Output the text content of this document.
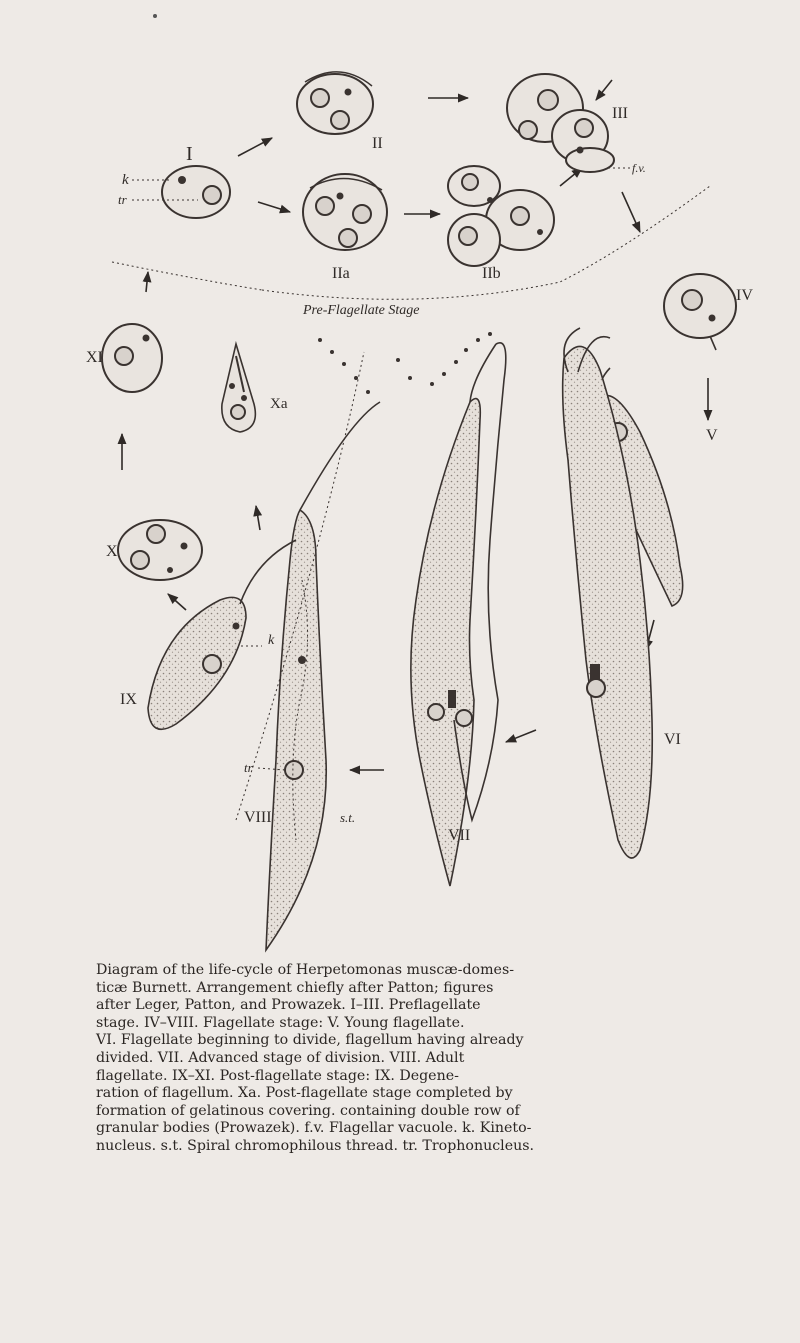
I
k
tr
II
IIa	IIb
III
f.v.
Pre-Flagellate Stage
IV
V
VI
VII
k
tr
s.t.
VIII
IX
X
XI
Xa
Diagram of the life-cycle of Herpetomonas muscæ-domes-
ticæ Burnett. Arrangement chiefly after Patton; figures
after Leger, Patton, and Prowazek. I–III. Preflagellate
stage. IV–VIII. Flagellate stage: V. Young flagellate.
VI. Flagellate beginning to divide, flagellum having already
divided. VII. Advanced stage of division. VIII. Adult
flagellate. IX–XI. Post-flagellate stage: IX. Degene-
ration of flagellum. Xa. Post-flagellate stage completed by
formation of gelatinous covering. containing double row of
granular bodies (Prowazek). f.v. Flagellar vacuole. k. Kineto-
nucleus. s.t. Spiral chromophilous thread. tr. Trophonucleus.
